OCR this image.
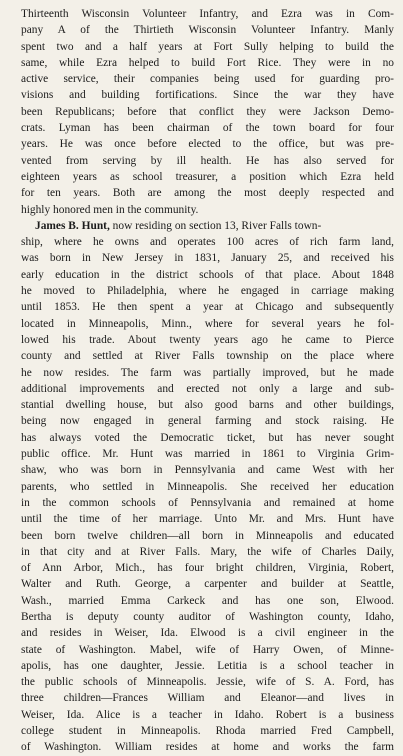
Thirteenth Wisconsin Volunteer Infantry, and Ezra was in Com-
pany A of the Thirtieth Wisconsin Volunteer Infantry. Manly
spent two and a half years at Fort Sully helping to build the
same, while Ezra helped to build Fort Rice. They were in no
active service, their companies being used for guarding pro-
visions and building fortifications. Since the war they have
been Republicans; before that conflict they were Jackson Demo-
crats. Lyman has been chairman of the town board for four
years. He was once before elected to the office, but was pre-
vented from serving by ill health. He has also served for
eighteen years as school treasurer, a position which Ezra held
for ten years. Both are among the most deeply respected and
highly honored men in the community.
James B. Hunt, now residing on section 13, River Falls town-
ship, where he owns and operates 100 acres of rich farm land,
was born in New Jersey in 1831, January 25, and received his
early education in the district schools of that place. About 1848
he moved to Philadelphia, where he engaged in carriage making
until 1853. He then spent a year at Chicago and subsequently
located in Minneapolis, Minn., where for several years he fol-
lowed his trade. About twenty years ago he came to Pierce
county and settled at River Falls township on the place where
he now resides. The farm was partially improved, but he made
additional improvements and erected not only a large and sub-
stantial dwelling house, but also good barns and other buildings,
being now engaged in general farming and stock raising. He
has always voted the Democratic ticket, but has never sought
public office. Mr. Hunt was married in 1861 to Virginia Grim-
shaw, who was born in Pennsylvania and came West with her
parents, who settled in Minneapolis. She received her education
in the common schools of Pennsylvania and remained at home
until the time of her marriage. Unto Mr. and Mrs. Hunt have
been born twelve children—all born in Minneapolis and educated
in that city and at River Falls. Mary, the wife of Charles Daily,
of Ann Arbor, Mich., has four bright children, Virginia, Robert,
Walter and Ruth. George, a carpenter and builder at Seattle,
Wash., married Emma Carkeck and has one son, Elwood.
Bertha is deputy county auditor of Washington county, Idaho,
and resides in Weiser, Ida. Elwood is a civil engineer in the
state of Washington. Mabel, wife of Harry Owen, of Minne-
apolis, has one daughter, Jessie. Letitia is a school teacher in
the public schools of Minneapolis. Jessie, wife of S. A. Ford, has
three children—Frances William and Eleanor—and lives in
Weiser, Ida. Alice is a teacher in Idaho. Robert is a business
college student in Minneapolis. Rhoda married Fred Campbell,
of Washington. William resides at home and works the farm
